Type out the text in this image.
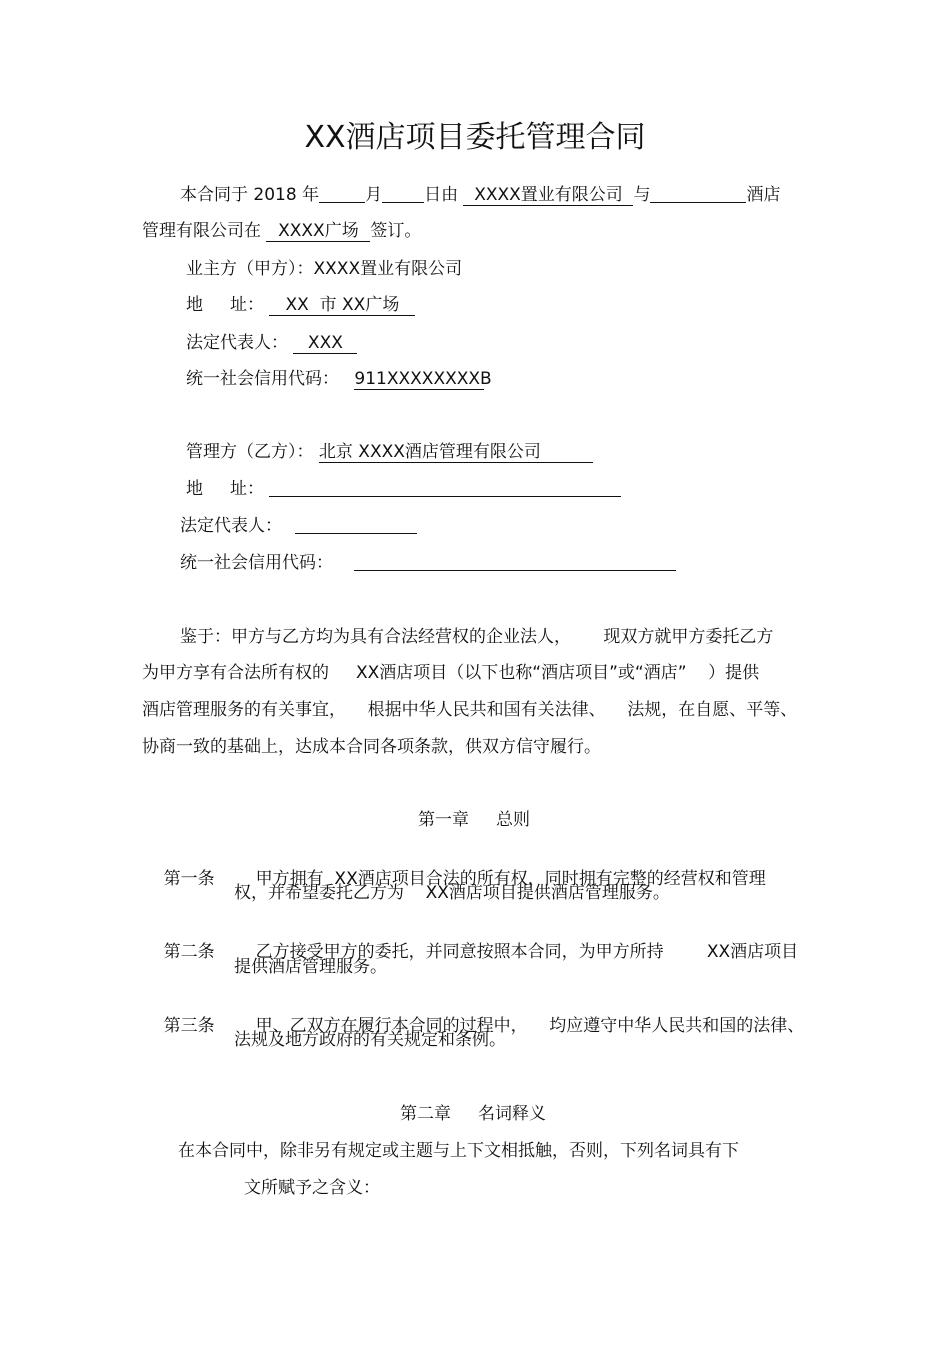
XX酒店项目委托管理合同
本合同于 2018 年	月 日由 XXXX置业有限公司 与	酒店
管理有限公司在 XXXX广场 签订。
业主方（甲方）：XXXX置业有限公司
地     址： XX  市 XX广场
法定代表人： XXX
统一社会信用代码： 911XXXXXXXXB
管理方（乙方）： 北京 XXXX酒店管理有限公司
地     址：
法定代表人：
统一社会信用代码：
鉴于：甲方与乙方均为具有合法经营权的企业法人，      现双方就甲方委托乙方
为甲方享有合法所有权的     XX酒店项目（以下也称“酒店项目”或“酒店”    ）提供
酒店管理服务的有关事宜，    根据中华人民共和国有关法律、    法规，在自愿、平等、
协商一致的基础上，达成本合同各项条款，供双方信守履行。
第一章     总则

第一条 甲方拥有  XX酒店项目合法的所有权，同时拥有完整的经营权和管理

权，并希望委托乙方为    XX酒店项目提供酒店管理服务。

第二条 乙方接受甲方的委托，并同意按照本合同，为甲方所持        XX酒店项目

提供酒店管理服务。

第三条 甲、乙双方在履行本合同的过程中，    均应遵守中华人民共和国的法律、

法规及地方政府的有关规定和条例。
第二章     名词释义
在本合同中，除非另有规定或主题与上下文相抵触，否则，下列名词具有下
文所赋予之含义：
